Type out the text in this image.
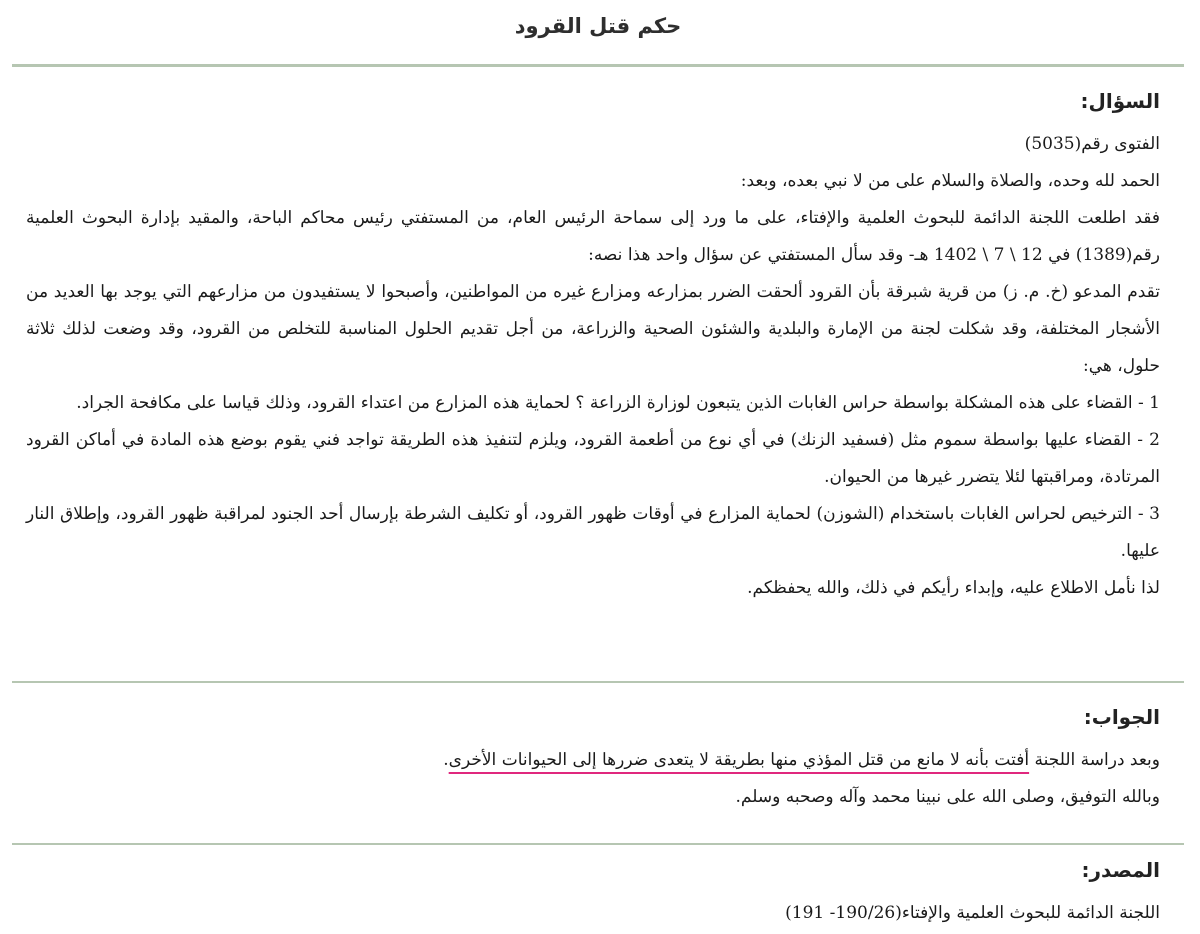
حكم قتل القرود
السؤال:

الفتوى رقم(5035)

الحمد لله وحده، والصلاة والسلام على من لا نبي بعده، وبعد:

فقد اطلعت اللجنة الدائمة للبحوث العلمية والإفتاء، على ما ورد إلى سماحة الرئيس العام، من المستفتي رئيس محاكم الباحة، والمقيد بإدارة البحوث العلمية رقم(1389) في 12 \ 7 \ 1402 هـ- وقد سأل المستفتي عن سؤال واحد هذا نصه:

تقدم المدعو (خ. م. ز) من قرية شبرقة بأن القرود ألحقت الضرر بمزارعه ومزارع غيره من المواطنين، وأصبحوا لا يستفيدون من مزارعهم التي يوجد بها العديد من الأشجار المختلفة، وقد شكلت لجنة من الإمارة والبلدية والشئون الصحية والزراعة، من أجل تقديم الحلول المناسبة للتخلص من القرود، وقد وضعت لذلك ثلاثة حلول، هي:

1 - القضاء على هذه المشكلة بواسطة حراس الغابات الذين يتبعون لوزارة الزراعة ؟ لحماية هذه المزارع من اعتداء القرود، وذلك قياسا على مكافحة الجراد.

2 - القضاء عليها بواسطة سموم مثل (فسفيد الزنك) في أي نوع من أطعمة القرود، ويلزم لتنفيذ هذه الطريقة تواجد فني يقوم بوضع هذه المادة في أماكن القرود المرتادة، ومراقبتها لئلا يتضرر غيرها من الحيوان.

3 - الترخيص لحراس الغابات باستخدام (الشوزن) لحماية المزارع في أوقات ظهور القرود، أو تكليف الشرطة بإرسال أحد الجنود لمراقبة ظهور القرود، وإطلاق النار عليها.

لذا نأمل الاطلاع عليه، وإبداء رأيكم في ذلك، والله يحفظكم.

الجواب:

وبعد دراسة اللجنة أفتت بأنه لا مانع من قتل المؤذي منها بطريقة لا يتعدى ضررها إلى الحيوانات الأخرى.

وبالله التوفيق، وصلى الله على نبينا محمد وآله وصحبه وسلم.

المصدر:

اللجنة الدائمة للبحوث العلمية والإفتاء(190/26- 191)
